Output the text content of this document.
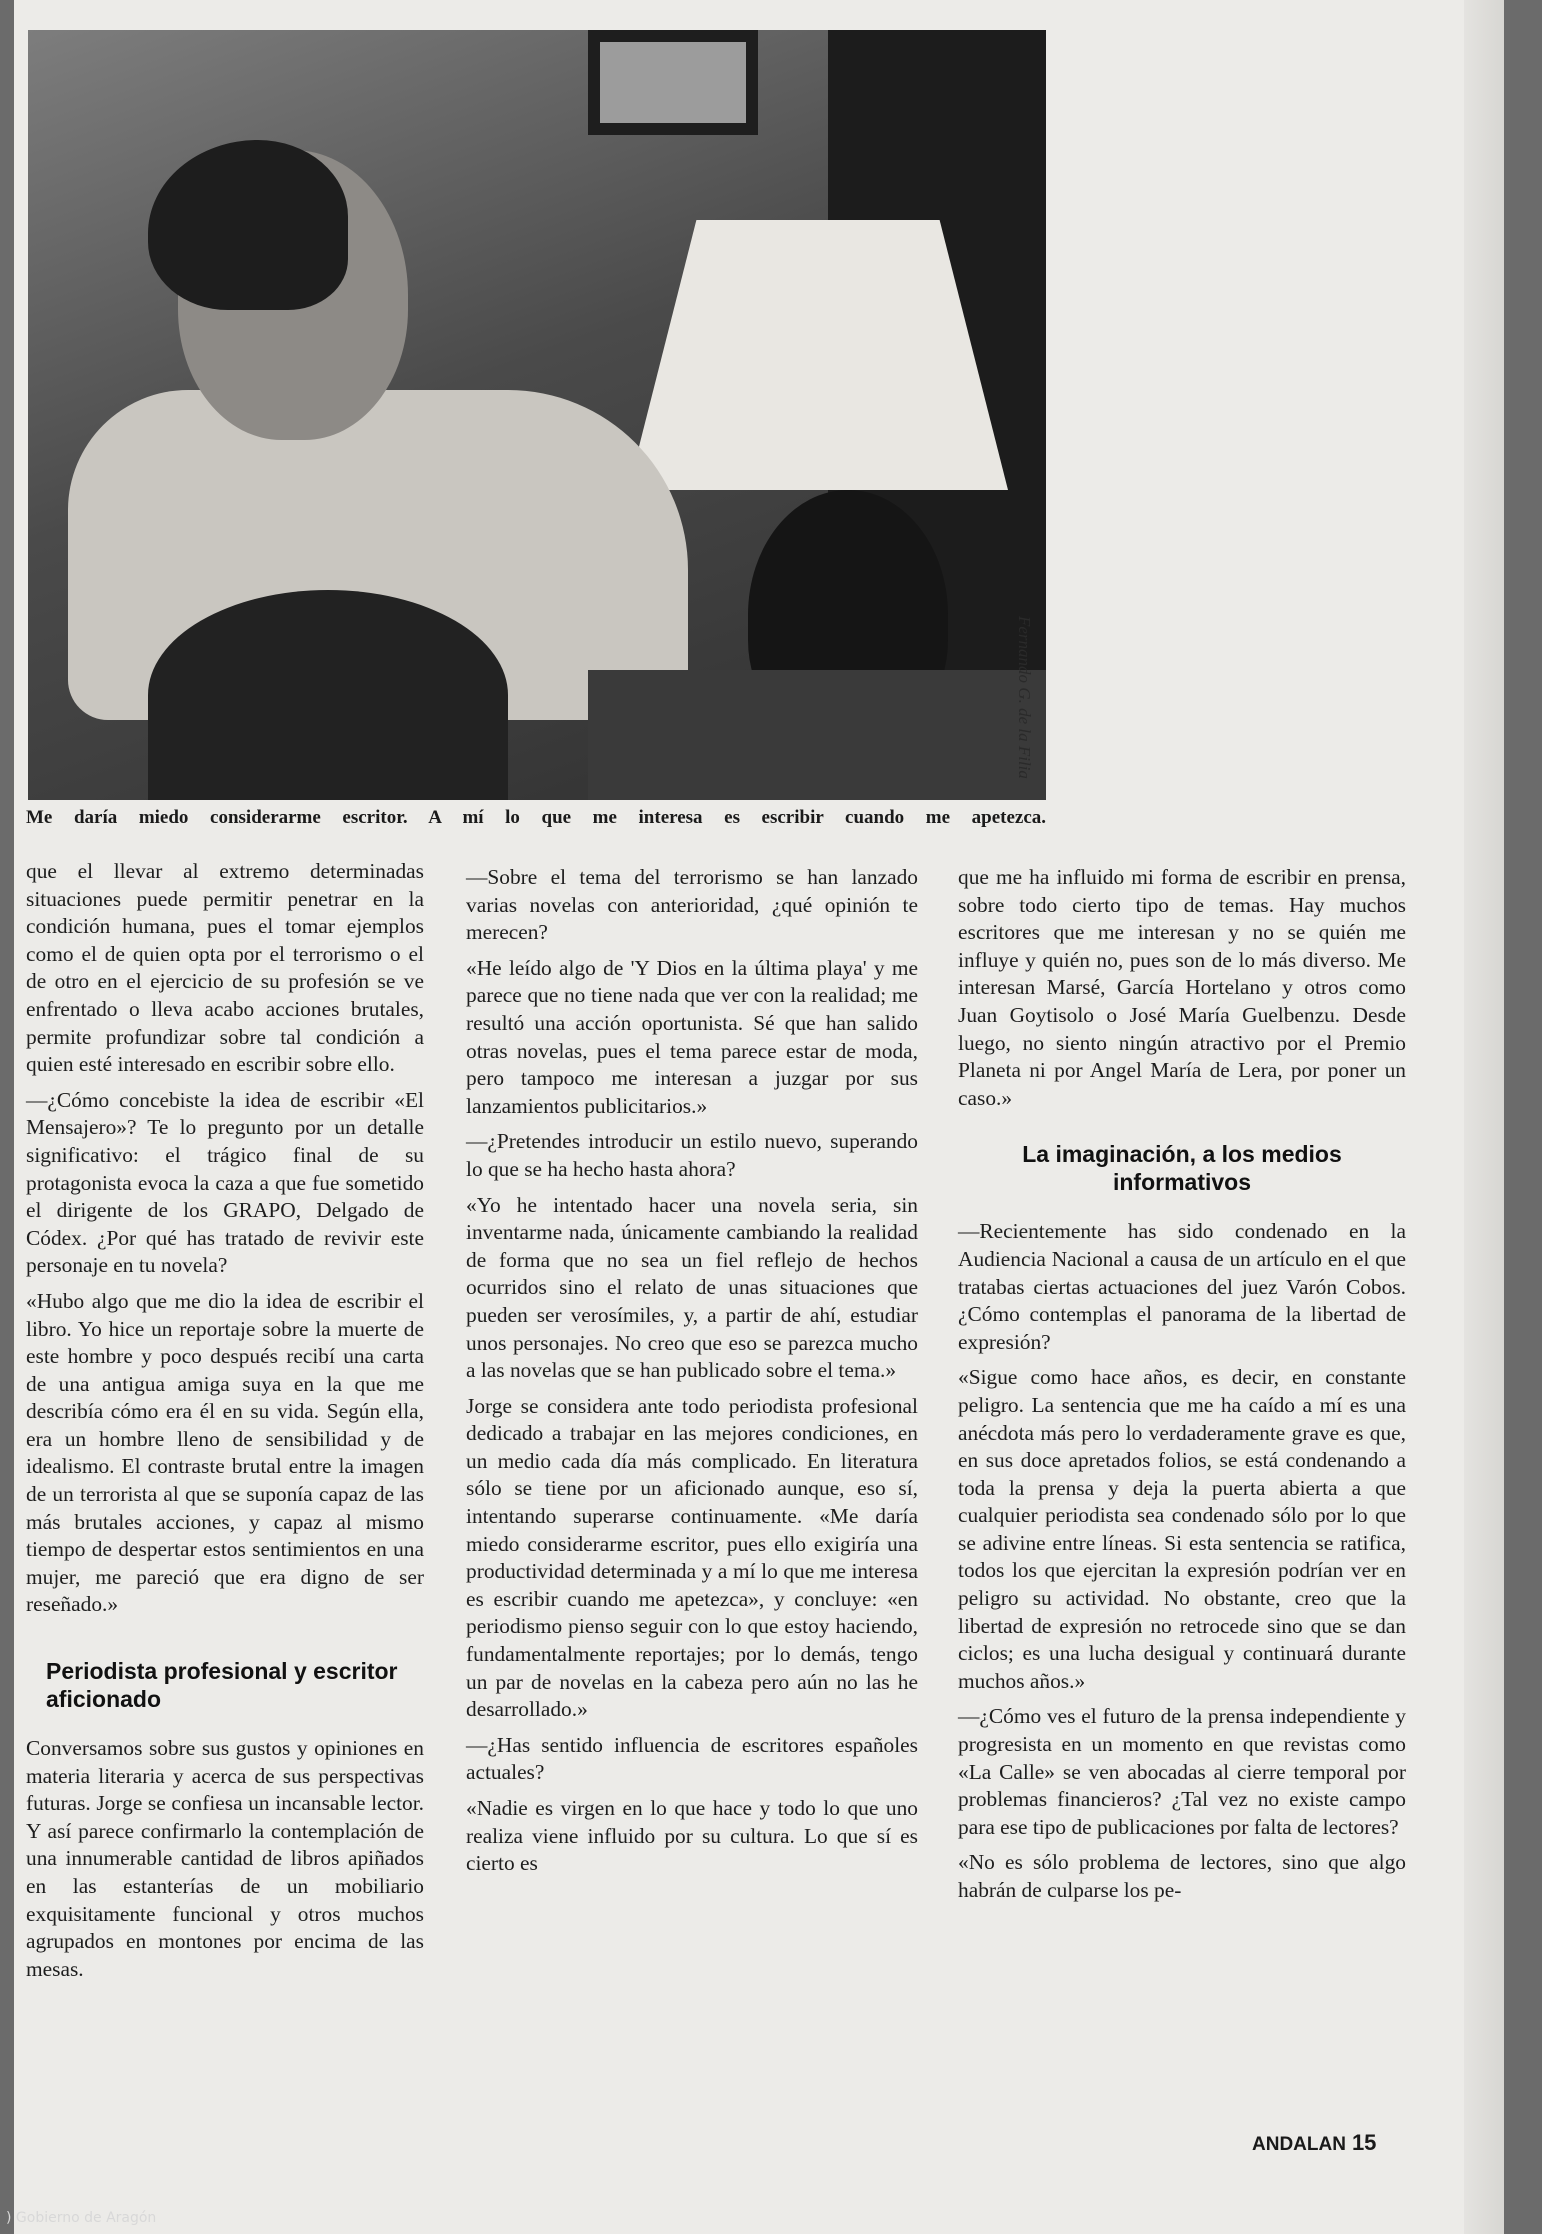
Fernando G. de la Filia
Me daría miedo considerarme escritor. A mí lo que me interesa es escribir cuando me apetezca.

que el llevar al extremo determinadas situaciones puede permitir penetrar en la condición humana, pues el tomar ejemplos como el de quien opta por el terrorismo o el de otro en el ejercicio de su profesión se ve enfrentado o lleva acabo acciones brutales, permite profundizar sobre tal condición a quien esté interesado en escribir sobre ello.

—¿Cómo concebiste la idea de escribir «El Mensajero»? Te lo pregunto por un detalle significativo: el trágico final de su protagonista evoca la caza a que fue sometido el dirigente de los GRAPO, Delgado de Códex. ¿Por qué has tratado de revivir este personaje en tu novela?

«Hubo algo que me dio la idea de escribir el libro. Yo hice un reportaje sobre la muerte de este hombre y poco después recibí una carta de una antigua amiga suya en la que me describía cómo era él en su vida. Según ella, era un hombre lleno de sensibilidad y de idealismo. El contraste brutal entre la imagen de un terrorista al que se suponía capaz de las más brutales acciones, y capaz al mismo tiempo de despertar estos sentimientos en una mujer, me pareció que era digno de ser reseñado.»

Periodista profesional y escritor aficionado

Conversamos sobre sus gustos y opiniones en materia literaria y acerca de sus perspectivas futuras. Jorge se confiesa un incansable lector. Y así parece confirmarlo la contemplación de una innumerable cantidad de libros apiñados en las estanterías de un mobiliario exquisitamente funcional y otros muchos agrupados en montones por encima de las mesas.

—Sobre el tema del terrorismo se han lanzado varias novelas con anterioridad, ¿qué opinión te merecen?

«He leído algo de 'Y Dios en la última playa' y me parece que no tiene nada que ver con la realidad; me resultó una acción oportunista. Sé que han salido otras novelas, pues el tema parece estar de moda, pero tampoco me interesan a juzgar por sus lanzamientos publicitarios.»

—¿Pretendes introducir un estilo nuevo, superando lo que se ha hecho hasta ahora?

«Yo he intentado hacer una novela seria, sin inventarme nada, únicamente cambiando la realidad de forma que no sea un fiel reflejo de hechos ocurridos sino el relato de unas situaciones que pueden ser verosímiles, y, a partir de ahí, estudiar unos personajes. No creo que eso se parezca mucho a las novelas que se han publicado sobre el tema.»

Jorge se considera ante todo periodista profesional dedicado a trabajar en las mejores condiciones, en un medio cada día más complicado. En literatura sólo se tiene por un aficionado aunque, eso sí, intentando superarse continuamente. «Me daría miedo considerarme escritor, pues ello exigiría una productividad determinada y a mí lo que me interesa es escribir cuando me apetezca», y concluye: «en periodismo pienso seguir con lo que estoy haciendo, fundamentalmente reportajes; por lo demás, tengo un par de novelas en la cabeza pero aún no las he desarrollado.»

—¿Has sentido influencia de escritores españoles actuales?

«Nadie es virgen en lo que hace y todo lo que uno realiza viene influido por su cultura. Lo que sí es cierto es

que me ha influido mi forma de escribir en prensa, sobre todo cierto tipo de temas. Hay muchos escritores que me interesan y no se quién me influye y quién no, pues son de lo más diverso. Me interesan Marsé, García Hortelano y otros como Juan Goytisolo o José María Guelbenzu. Desde luego, no siento ningún atractivo por el Premio Planeta ni por Angel María de Lera, por poner un caso.»

La imaginación, a los medios informativos

—Recientemente has sido condenado en la Audiencia Nacional a causa de un artículo en el que tratabas ciertas actuaciones del juez Varón Cobos. ¿Cómo contemplas el panorama de la libertad de expresión?

«Sigue como hace años, es decir, en constante peligro. La sentencia que me ha caído a mí es una anécdota más pero lo verdaderamente grave es que, en sus doce apretados folios, se está condenando a toda la prensa y deja la puerta abierta a que cualquier periodista sea condenado sólo por lo que se adivine entre líneas. Si esta sentencia se ratifica, todos los que ejercitan la expresión podrían ver en peligro su actividad. No obstante, creo que la libertad de expresión no retrocede sino que se dan ciclos; es una lucha desigual y continuará durante muchos años.»

—¿Cómo ves el futuro de la prensa independiente y progresista en un momento en que revistas como «La Calle» se ven abocadas al cierre temporal por problemas financieros? ¿Tal vez no existe campo para ese tipo de publicaciones por falta de lectores?

«No es sólo problema de lectores, sino que algo habrán de culparse los pe-

ANDALAN 15
) Gobierno de Aragón
